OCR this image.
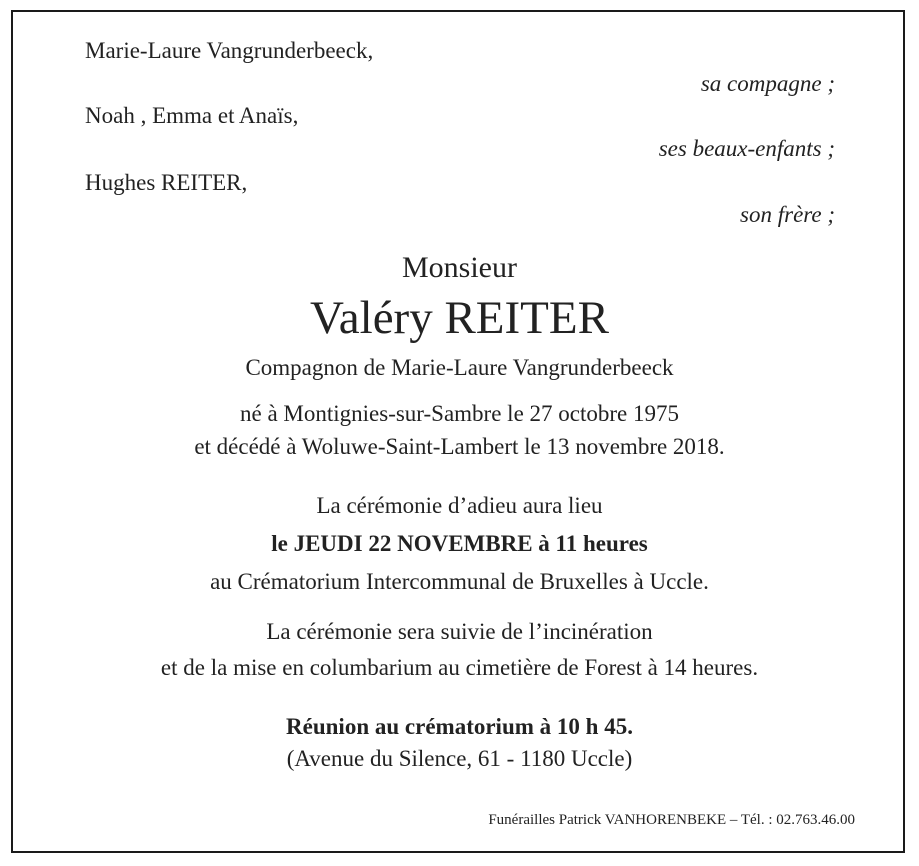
Marie-Laure Vangrunderbeeck,
sa compagne ;
Noah , Emma et Anaïs,
ses beaux-enfants ;
Hughes REITER,
son frère ;
Monsieur
Valéry REITER
Compagnon de Marie-Laure Vangrunderbeeck
né à Montignies-sur-Sambre le 27 octobre 1975
et décédé à Woluwe-Saint-Lambert le 13 novembre 2018.
La cérémonie d’adieu aura lieu
le JEUDI 22 NOVEMBRE à 11 heures
au Crématorium Intercommunal de Bruxelles à Uccle.
La cérémonie sera suivie de l’incinération
et de la mise en columbarium au cimetière de Forest à 14 heures.
Réunion au crématorium à 10 h 45.
(Avenue du Silence, 61 - 1180 Uccle)
Funérailles Patrick VANHORENBEKE – Tél. : 02.763.46.00
